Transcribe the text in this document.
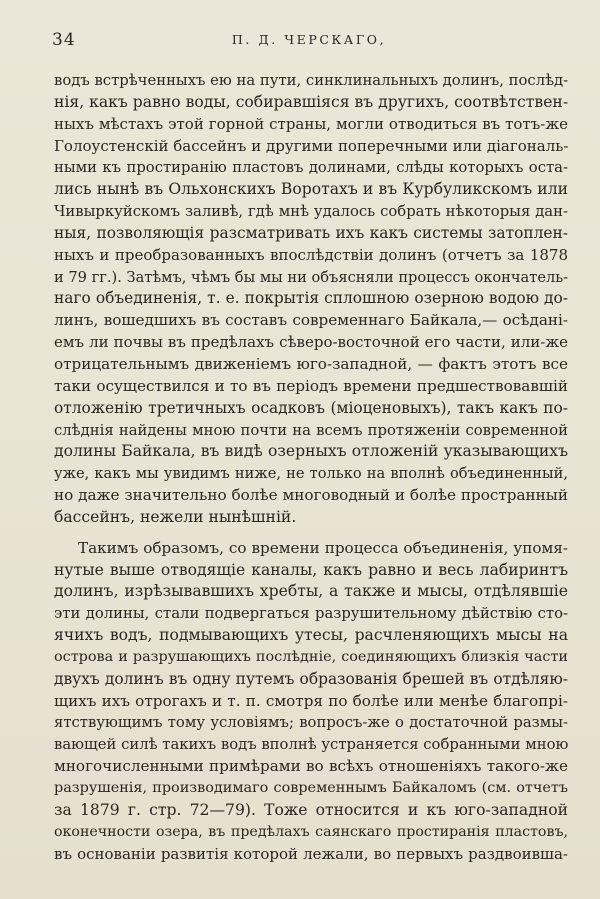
34	П. Д. ЧЕРСКАГО,
водъ встрѣченныхъ ею на пути, синклинальныхъ долинъ, послѣд-
нія, какъ равно воды, собиравшіяся въ другихъ, соотвѣтствен-
ныхъ мѣстахъ этой горной страны, могли отводиться въ тотъ-же
Голоустенскій бассейнъ и другими поперечными или діагональ-
ными къ простиранію пластовъ долинами, слѣды которыхъ оста-
лись нынѣ въ Ольхонскихъ Воротахъ и въ Курбуликскомъ или
Чивыркуйскомъ заливѣ, гдѣ мнѣ удалось собрать нѣкоторыя дан-
ныя, позволяющія разсматривать ихъ какъ системы затоплен-
ныхъ и преобразованныхъ впослѣдствіи долинъ (отчетъ за 1878
и 79 гг.). Затѣмъ, чѣмъ бы мы ни объясняли процессъ окончатель-
наго объединенія, т. е. покрытія сплошною озерною водою до-
линъ, вошедшихъ въ составъ современнаго Байкала,— осѣданi-
емъ ли почвы въ предѣлахъ сѣверо-восточной его части, или-же
отрицательнымъ движеніемъ юго-западной, — фактъ этотъ все
таки осуществился и то въ періодъ времени предшествовавшій
отложенію третичныхъ осадковъ (міоценовыхъ), такъ какъ по-
слѣднія найдены мною почти на всемъ протяженіи современной
долины Байкала, въ видѣ озерныхъ отложеній указывающихъ
уже, какъ мы увидимъ ниже, не только на вполнѣ объединенный,
но даже значительно болѣе многоводный и болѣе пространный
бассейнъ, нежели нынѣшній.
Такимъ образомъ, со времени процесса объединенія, упомя-
нутые выше отводящіе каналы, какъ равно и весь лабиринтъ
долинъ, изрѣзывавшихъ хребты, а также и мысы, отдѣлявшіе
эти долины, стали подвергаться разрушительному дѣйствію сто-
ячихъ водъ, подмывающихъ утесы, расчленяющихъ мысы на
острова и разрушающихъ послѣдніе, соединяющихъ близкія части
двухъ долинъ въ одну путемъ образованія брешей въ отдѣляю-
щихъ ихъ отрогахъ и т. п. смотря по болѣе или менѣе благопрі-
ятствующимъ тому условіямъ; вопросъ-же о достаточной размы-
вающей силѣ такихъ водъ вполнѣ устраняется собранными мною
многочисленными примѣрами во всѣхъ отношеніяхъ такого-же
разрушенія, производимаго современнымъ Байкаломъ (см. отчетъ
за 1879 г. стр. 72—79). Тоже относится и къ юго-западной
оконечности озера, въ предѣлахъ саянскаго простиранія пластовъ,
въ основаніи развитія которой лежали, во первыхъ раздвоивша-
